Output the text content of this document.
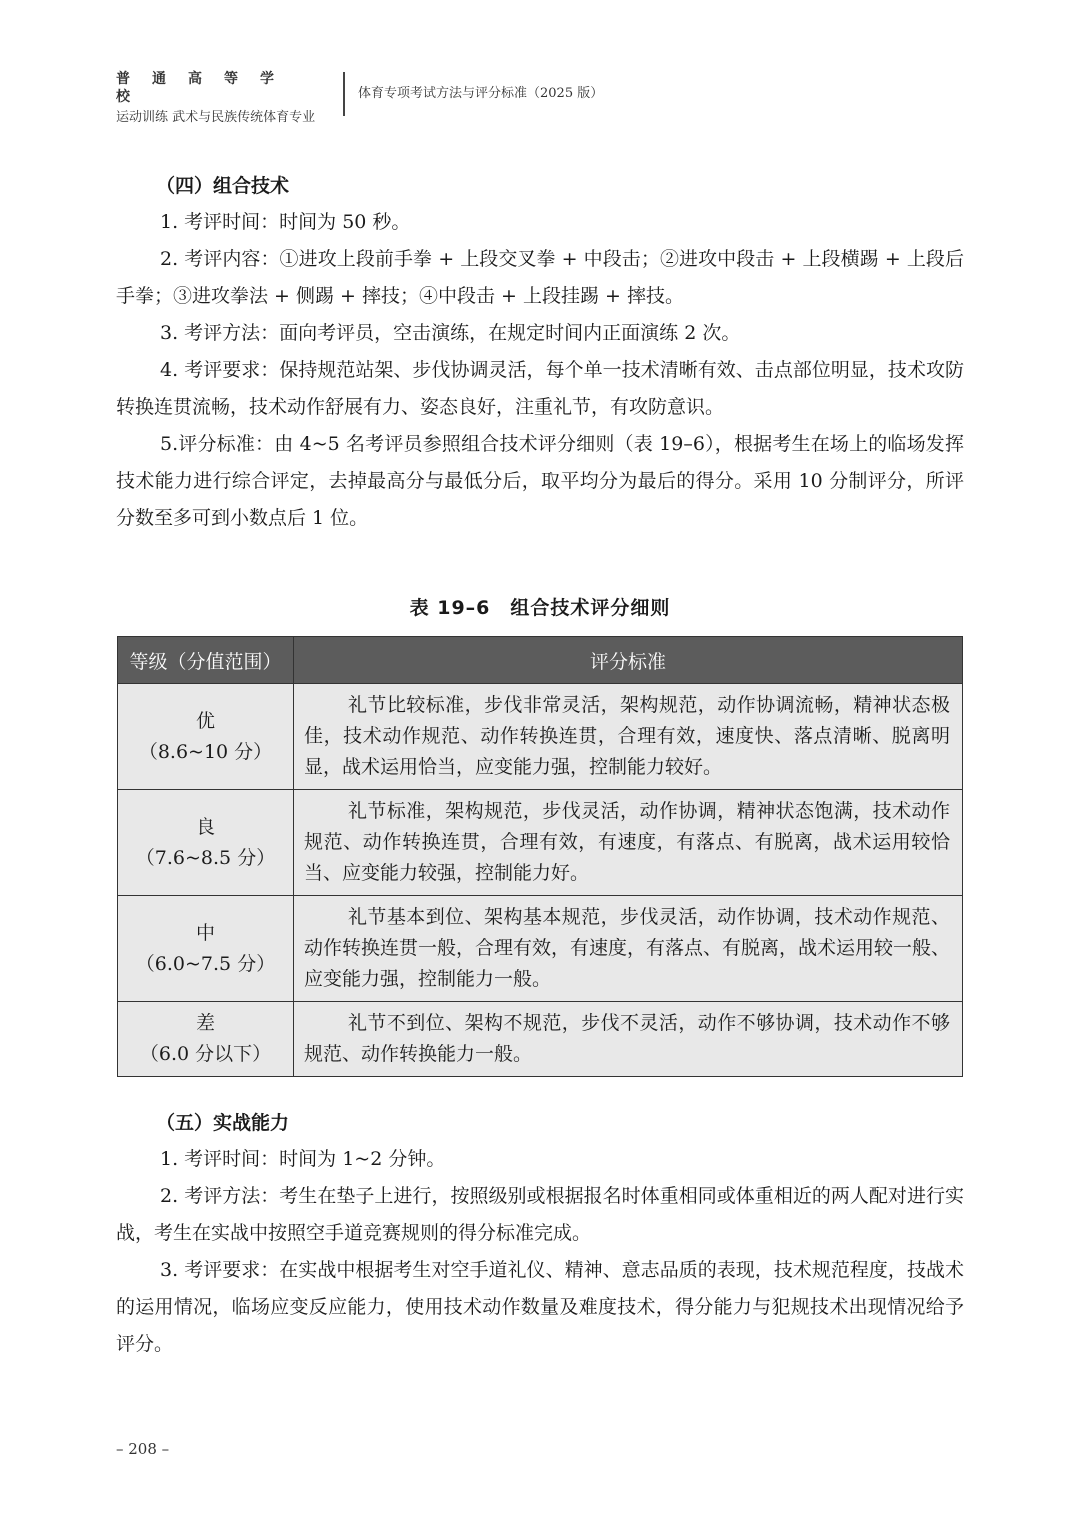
普通高等学校
运动训练 武术与民族传统体育专业
体育专项考试方法与评分标准（2025 版）

（四）组合技术

1. 考评时间：时间为 50 秒。

2. 考评内容：①进攻上段前手拳 + 上段交叉拳 + 中段击；②进攻中段击 + 上段横踢 + 上段后手拳；③进攻拳法 + 侧踢 + 摔技；④中段击 + 上段挂踢 + 摔技。

3. 考评方法：面向考评员，空击演练，在规定时间内正面演练 2 次。

4. 考评要求：保持规范站架、步伐协调灵活，每个单一技术清晰有效、击点部位明显，技术攻防转换连贯流畅，技术动作舒展有力、姿态良好，注重礼节，有攻防意识。

5.评分标准：由 4~5 名考评员参照组合技术评分细则（表 19–6），根据考生在场上的临场发挥技术能力进行综合评定，去掉最高分与最低分后，取平均分为最后的得分。采用 10 分制评分，所评分数至多可到小数点后 1 位。

表 19–6　组合技术评分细则
等级（分值范围）	评分标准

优
（8.6~10 分）	礼节比较标准，步伐非常灵活，架构规范，动作协调流畅，精神状态极佳，技术动作规范、动作转换连贯，合理有效，速度快、落点清晰、脱离明显，战术运用恰当，应变能力强，控制能力较好。

良
（7.6~8.5 分）	礼节标准，架构规范，步伐灵活，动作协调，精神状态饱满，技术动作规范、动作转换连贯，合理有效，有速度，有落点、有脱离，战术运用较恰当、应变能力较强，控制能力好。

中
（6.0~7.5 分）	礼节基本到位、架构基本规范，步伐灵活，动作协调，技术动作规范、动作转换连贯一般，合理有效，有速度，有落点、有脱离，战术运用较一般、应变能力强，控制能力一般。

差
（6.0 分以下）	礼节不到位、架构不规范，步伐不灵活，动作不够协调，技术动作不够规范、动作转换能力一般。

（五）实战能力

1. 考评时间：时间为 1~2 分钟。

2. 考评方法：考生在垫子上进行，按照级别或根据报名时体重相同或体重相近的两人配对进行实战，考生在实战中按照空手道竞赛规则的得分标准完成。

3. 考评要求：在实战中根据考生对空手道礼仪、精神、意志品质的表现，技术规范程度，技战术的运用情况，临场应变反应能力，使用技术动作数量及难度技术，得分能力与犯规技术出现情况给予评分。

– 208 –
